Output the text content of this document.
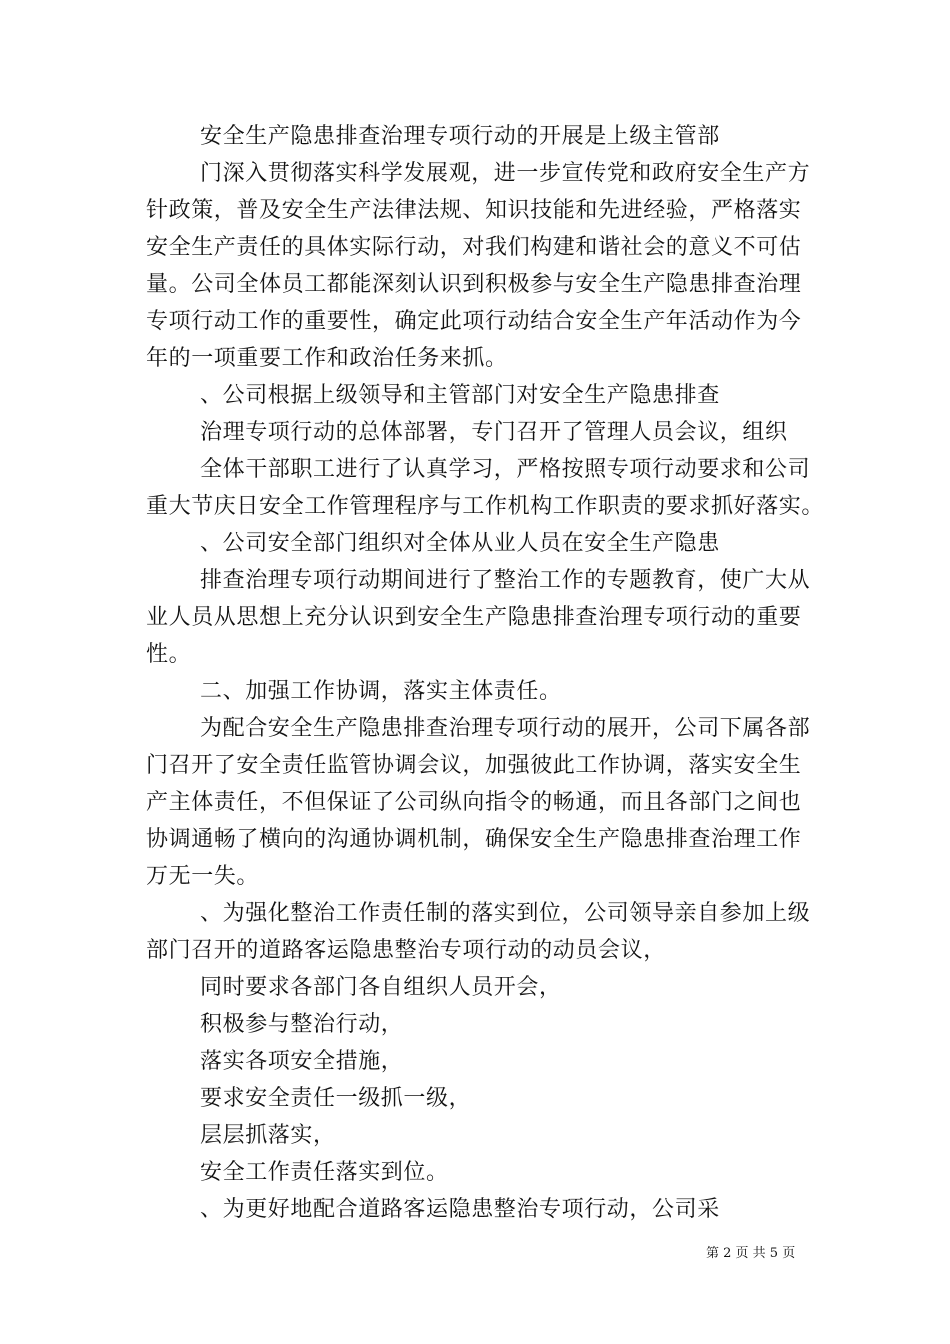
安全生产隐患排查治理专项行动的开展是上级主管部
门深入贯彻落实科学发展观，进一步宣传党和政府安全生产方
针政策，普及安全生产法律法规、知识技能和先进经验，严格落实
安全生产责任的具体实际行动，对我们构建和谐社会的意义不可估
量。公司全体员工都能深刻认识到积极参与安全生产隐患排查治理
专项行动工作的重要性，确定此项行动结合安全生产年活动作为今
年的一项重要工作和政治任务来抓。
、公司根据上级领导和主管部门对安全生产隐患排查
治理专项行动的总体部署，专门召开了管理人员会议，组织
全体干部职工进行了认真学习，严格按照专项行动要求和公司
重大节庆日安全工作管理程序与工作机构工作职责的要求抓好落实。
、公司安全部门组织对全体从业人员在安全生产隐患
排查治理专项行动期间进行了整治工作的专题教育，使广大从
业人员从思想上充分认识到安全生产隐患排查治理专项行动的重要
性。
二、加强工作协调，落实主体责任。
为配合安全生产隐患排查治理专项行动的展开，公司下属各部
门召开了安全责任监管协调会议，加强彼此工作协调，落实安全生
产主体责任，不但保证了公司纵向指令的畅通，而且各部门之间也
协调通畅了横向的沟通协调机制，确保安全生产隐患排查治理工作
万无一失。
、为强化整治工作责任制的落实到位，公司领导亲自参加上级
部门召开的道路客运隐患整治专项行动的动员会议，
同时要求各部门各自组织人员开会，
积极参与整治行动，
落实各项安全措施，
要求安全责任一级抓一级，
层层抓落实，
安全工作责任落实到位。
、为更好地配合道路客运隐患整治专项行动，公司采
第 2 页 共 5 页
